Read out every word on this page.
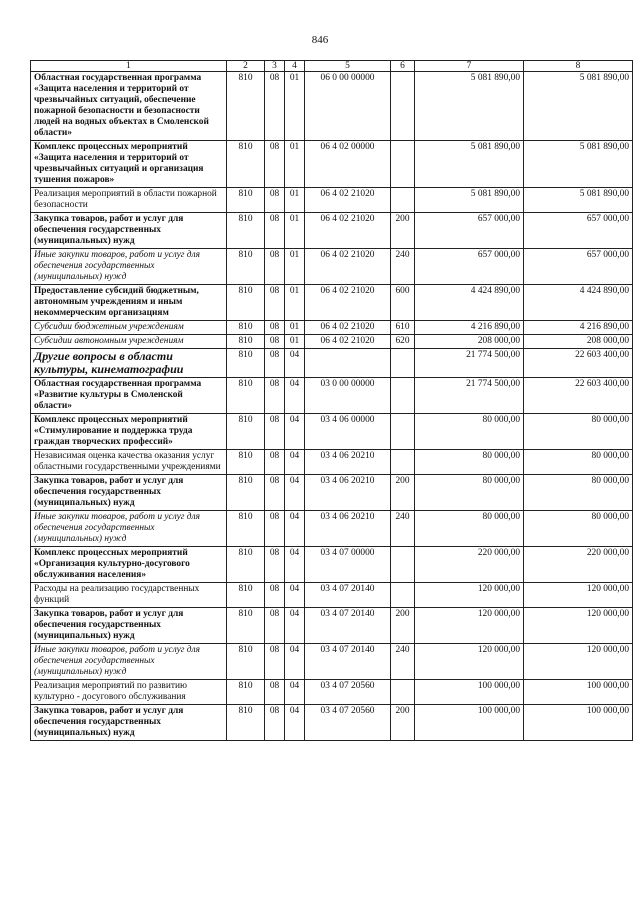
846
1	2	3	4	5	6	7	8
Областная государственная программа «Защита населения и территорий от чрезвычайных ситуаций, обеспечение пожарной безопасности и безопасности людей на водных объектах в Смоленской области»	810	08	01	06 0 00 00000		5 081 890,00	5 081 890,00
Комплекс процессных мероприятий «Защита населения и территорий от чрезвычайных ситуаций и организация тушения пожаров»	810	08	01	06 4 02 00000		5 081 890,00	5 081 890,00
Реализация мероприятий в области пожарной безопасности	810	08	01	06 4 02 21020		5 081 890,00	5 081 890,00
Закупка товаров, работ и услуг для обеспечения государственных (муниципальных) нужд	810	08	01	06 4 02 21020	200	657 000,00	657 000,00
Иные закупки товаров, работ и услуг для обеспечения государственных (муниципальных) нужд	810	08	01	06 4 02 21020	240	657 000,00	657 000,00
Предоставление субсидий бюджетным, автономным учреждениям и иным некоммерческим организациям	810	08	01	06 4 02 21020	600	4 424 890,00	4 424 890,00
Субсидии бюджетным учреждениям	810	08	01	06 4 02 21020	610	4 216 890,00	4 216 890,00
Субсидии автономным учреждениям	810	08	01	06 4 02 21020	620	208 000,00	208 000,00
Другие вопросы в области культуры, кинематографии	810	08	04			21 774 500,00	22 603 400,00
Областная государственная программа «Развитие культуры в Смоленской области»	810	08	04	03 0 00 00000		21 774 500,00	22 603 400,00
Комплекс процессных мероприятий «Стимулирование и поддержка труда граждан творческих профессий»	810	08	04	03 4 06 00000		80 000,00	80 000,00
Независимая оценка качества оказания услуг областными государственными учреждениями	810	08	04	03 4 06 20210		80 000,00	80 000,00
Закупка товаров, работ и услуг для обеспечения государственных (муниципальных) нужд	810	08	04	03 4 06 20210	200	80 000,00	80 000,00
Иные закупки товаров, работ и услуг для обеспечения государственных (муниципальных) нужд	810	08	04	03 4 06 20210	240	80 000,00	80 000,00
Комплекс процессных мероприятий «Организация культурно-досугового обслуживания населения»	810	08	04	03 4 07 00000		220 000,00	220 000,00
Расходы на реализацию государственных функций	810	08	04	03 4 07 20140		120 000,00	120 000,00
Закупка товаров, работ и услуг для обеспечения государственных (муниципальных) нужд	810	08	04	03 4 07 20140	200	120 000,00	120 000,00
Иные закупки товаров, работ и услуг для обеспечения государственных (муниципальных) нужд	810	08	04	03 4 07 20140	240	120 000,00	120 000,00
Реализация мероприятий по развитию культурно - досугового обслуживания	810	08	04	03 4 07 20560		100 000,00	100 000,00
Закупка товаров, работ и услуг для обеспечения государственных (муниципальных) нужд	810	08	04	03 4 07 20560	200	100 000,00	100 000,00
